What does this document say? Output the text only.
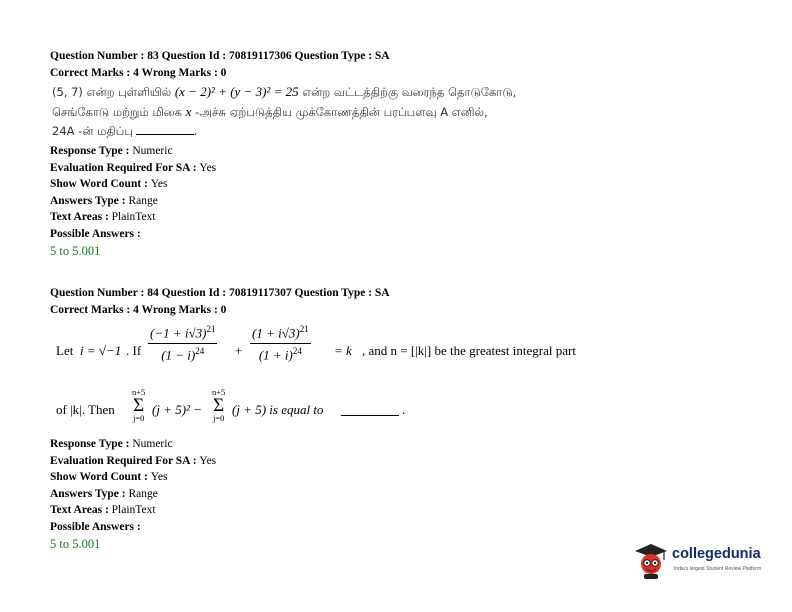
Question Number : 83 Question Id : 70819117306 Question Type : SA
Correct Marks : 4 Wrong Marks : 0
(5, 7) என்ற புள்ளியில் (x − 2)² + (y − 3)² = 25 என்ற வட்டத்திற்கு வரைந்த தொடுகோடு,
செங்கோடு மற்றும் மிகை x -அச்சு ஏற்படுத்திய முக்கோணத்தின் பரப்பளவு A எனில்,
24A -ன் மதிப்பு	.
Response Type : Numeric
Evaluation Required For SA : Yes
Show Word Count : Yes
Answers Type : Range
Text Areas : PlainText
Possible Answers :
5 to 5.001
Question Number : 84 Question Id : 70819117307 Question Type : SA
Correct Marks : 4 Wrong Marks : 0
Let i = √−1 . If $\frac{(-1 + i√3)^{21}}{(1 - i)^{24}} + \frac{(1 + i√3)^{21}}{(1 + i)^{24}} = k$ , and n = [|k|] be the greatest integral part
of |k|. Then
n+5
Σ
j=0
(j + 5)² −
n+5
Σ
j=0
(j + 5) is equal to	.
Response Type : Numeric
Evaluation Required For SA : Yes
Show Word Count : Yes
Answers Type : Range
Text Areas : PlainText
Possible Answers :
5 to 5.001
collegedunia
India's largest Student Review Platform
